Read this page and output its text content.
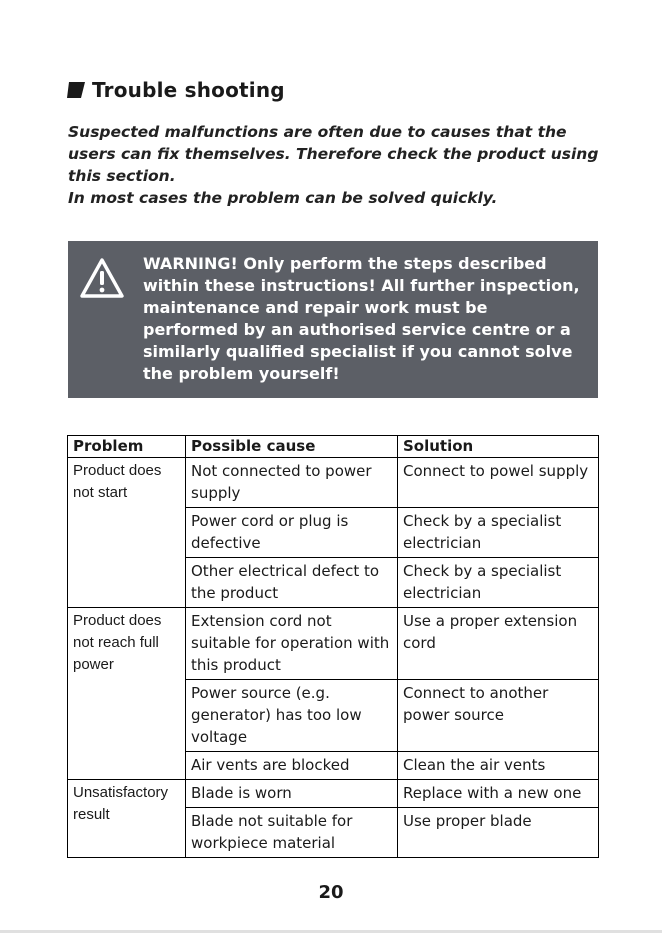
Trouble shooting

Suspected malfunctions are often due to causes that the users can fix themselves. Therefore check the product using this section.

In most cases the problem can be solved quickly.

WARNING! Only perform the steps described within these instructions! All further inspection, maintenance and repair work must be performed by an authorised service centre or a similarly qualified specialist if you cannot solve the problem yourself!
Problem	Possible cause	Solution
Product does not start	Not connected to power supply	Connect to powel supply
	Power cord or plug is defective	Check by a specialist electrician
	Other electrical defect to the product	Check by a specialist electrician
Product does not reach full power	Extension cord not suitable for operation with this product	Use a proper extension cord
	Power source (e.g. generator) has too low voltage	Connect to another power source
	Air vents are blocked	Clean the air vents
Unsatisfactory result	Blade is worn	Replace with a new one
	Blade not suitable for workpiece material	Use proper blade
20
